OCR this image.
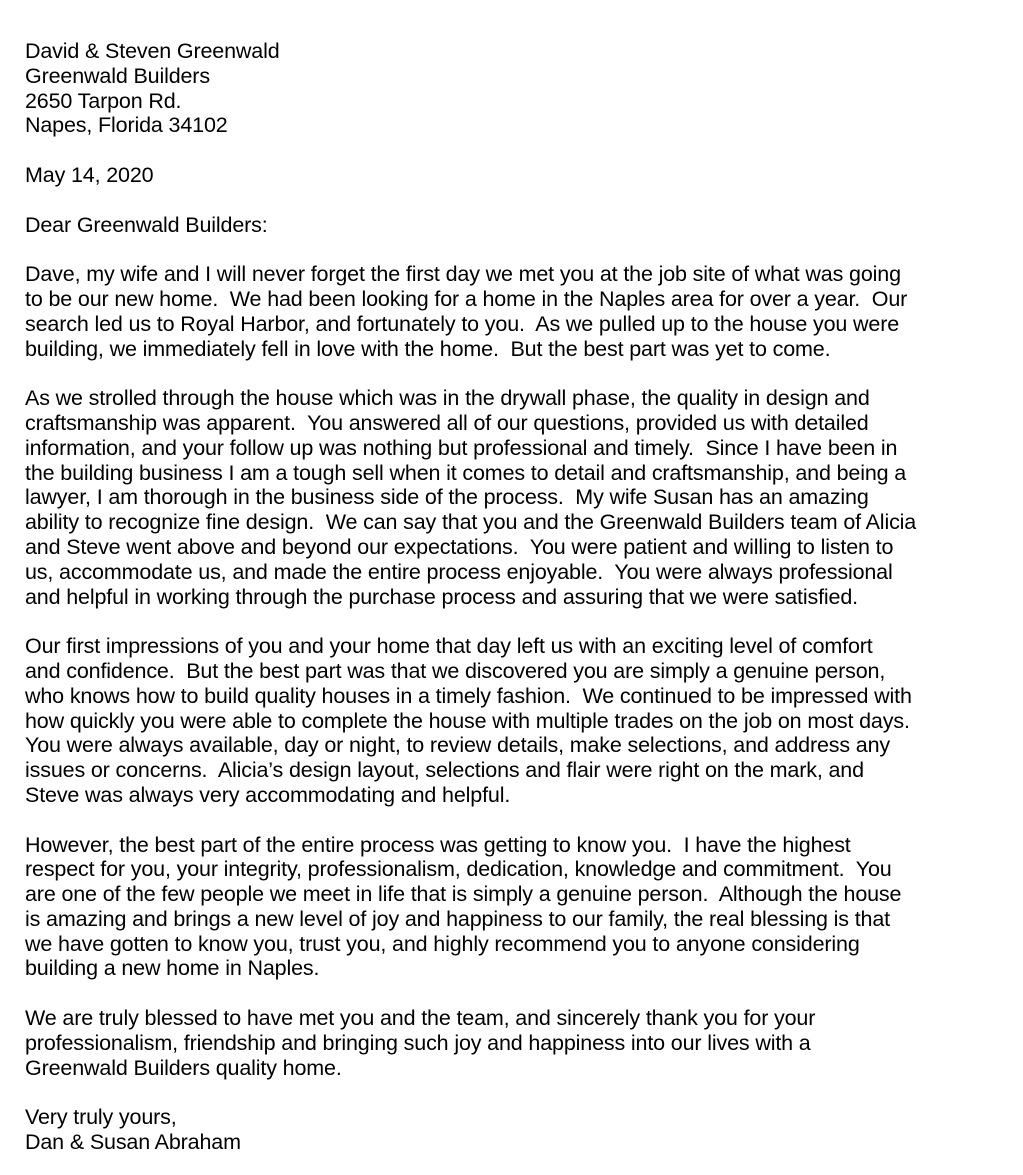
David & Steven Greenwald
Greenwald Builders
2650 Tarpon Rd.
Napes, Florida 34102
May 14, 2020
Dear Greenwald Builders:
Dave, my wife and I will never forget the first day we met you at the job site of what was going
to be our new home.  We had been looking for a home in the Naples area for over a year.  Our
search led us to Royal Harbor, and fortunately to you.  As we pulled up to the house you were
building, we immediately fell in love with the home.  But the best part was yet to come.
As we strolled through the house which was in the drywall phase, the quality in design and
craftsmanship was apparent.  You answered all of our questions, provided us with detailed
information, and your follow up was nothing but professional and timely.  Since I have been in
the building business I am a tough sell when it comes to detail and craftsmanship, and being a
lawyer, I am thorough in the business side of the process.  My wife Susan has an amazing
ability to recognize fine design.  We can say that you and the Greenwald Builders team of Alicia
and Steve went above and beyond our expectations.  You were patient and willing to listen to
us, accommodate us, and made the entire process enjoyable.  You were always professional
and helpful in working through the purchase process and assuring that we were satisfied.
Our first impressions of you and your home that day left us with an exciting level of comfort
and confidence.  But the best part was that we discovered you are simply a genuine person,
who knows how to build quality houses in a timely fashion.  We continued to be impressed with
how quickly you were able to complete the house with multiple trades on the job on most days.
You were always available, day or night, to review details, make selections, and address any
issues or concerns.  Alicia’s design layout, selections and flair were right on the mark, and
Steve was always very accommodating and helpful.
However, the best part of the entire process was getting to know you.  I have the highest
respect for you, your integrity, professionalism, dedication, knowledge and commitment.  You
are one of the few people we meet in life that is simply a genuine person.  Although the house
is amazing and brings a new level of joy and happiness to our family, the real blessing is that
we have gotten to know you, trust you, and highly recommend you to anyone considering
building a new home in Naples.
We are truly blessed to have met you and the team, and sincerely thank you for your
professionalism, friendship and bringing such joy and happiness into our lives with a
Greenwald Builders quality home.
Very truly yours,
Dan & Susan Abraham
